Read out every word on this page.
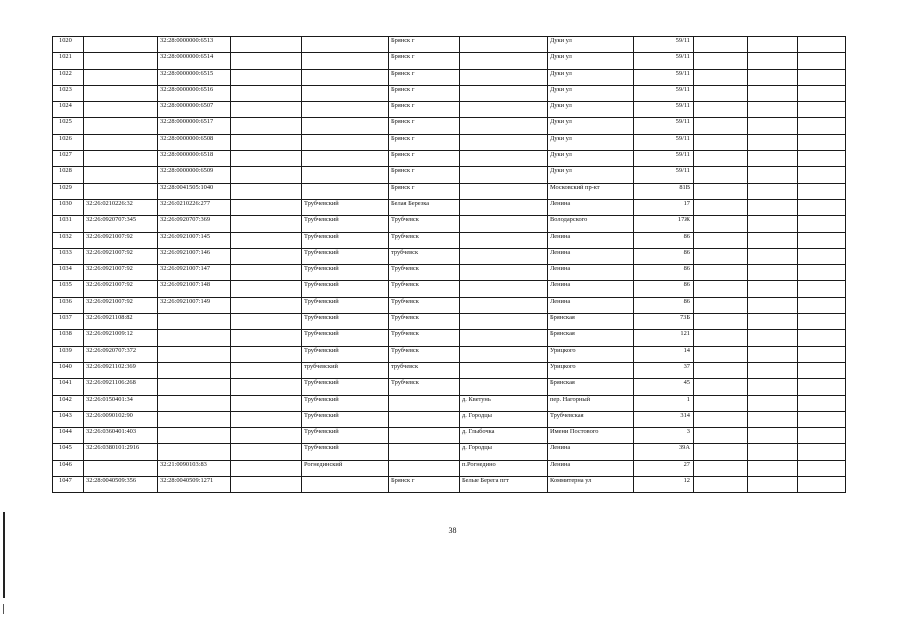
1020		32:28:0000000:6513			Брянск г		Дуки ул	59/11			
1021		32:28:0000000:6514			Брянск г		Дуки ул	59/11			
1022		32:28:0000000:6515			Брянск г		Дуки ул	59/11			
1023		32:28:0000000:6516			Брянск г		Дуки ул	59/11			
1024		32:28:0000000:6507			Брянск г		Дуки ул	59/11			
1025		32:28:0000000:6517			Брянск г		Дуки ул	59/11			
1026		32:28:0000000:6508			Брянск г		Дуки ул	59/11			
1027		32:28:0000000:6518			Брянск г		Дуки ул	59/11			
1028		32:28:0000000:6509			Брянск г		Дуки ул	59/11			
1029		32:28:0041505:1040			Брянск г		Московский пр-кт	81В			
1030	32:26:0210226:32	32:26:0210226:277		Трубчевский	Белая Березка		Ленина	17			
1031	32:26:0920707:345	32:26:0920707:369		Трубчевский	Трубчевск		Володарского	17Ж			
1032	32:26:0921007:92	32:26:0921007:145		Трубчевский	Трубчевск		Ленина	86			
1033	32:26:0921007:92	32:26:0921007:146		Трубчевский	трубчевск		Ленина	86			
1034	32:26:0921007:92	32:26:0921007:147		Трубчевский	Трубчевск		Ленина	86			
1035	32:26:0921007:92	32:26:0921007:148		Трубчевский	Трубчевск		Ленина	86			
1036	32:26:0921007:92	32:26:0921007:149		Трубчевский	Трубчевск		Ленина	86			
1037	32:26:0921108:82			Трубчевский	Трубчевск		Брянская	73Б			
1038	32:26:0921009:12			Трубчевский	Трубчевск		Брянская	121			
1039	32:26:0920707:372			Трубчевский	Трубчевск		Урицкого	14			
1040	32:26:0921102:369			трубчевский	трубчевск		Урицкого	37			
1041	32:26:0921106:268			Трубчевский	Трубчевск		Брянская	45			
1042	32:26:0150401:34			Трубчевский		д. Кветунь	пер. Нагорный	1			
1043	32:26:0090102:90			Трубчевский		д. Городцы	Трубчевская	314			
1044	32:26:0360401:403			Трубчевский		д. Глыбочка	Имени Постового	3			
1045	32:26:0380101:2916			Трубчевский		д. Городцы	Ленина	39А			
1046		32:21:0090103:83		Рогнединский		п.Рогнедино	Ленина	27			
1047	32:28:0040509:356	32:28:0040509:1271			Брянск г	Белые Берега пгт	Коммитерна ул	12			
38
